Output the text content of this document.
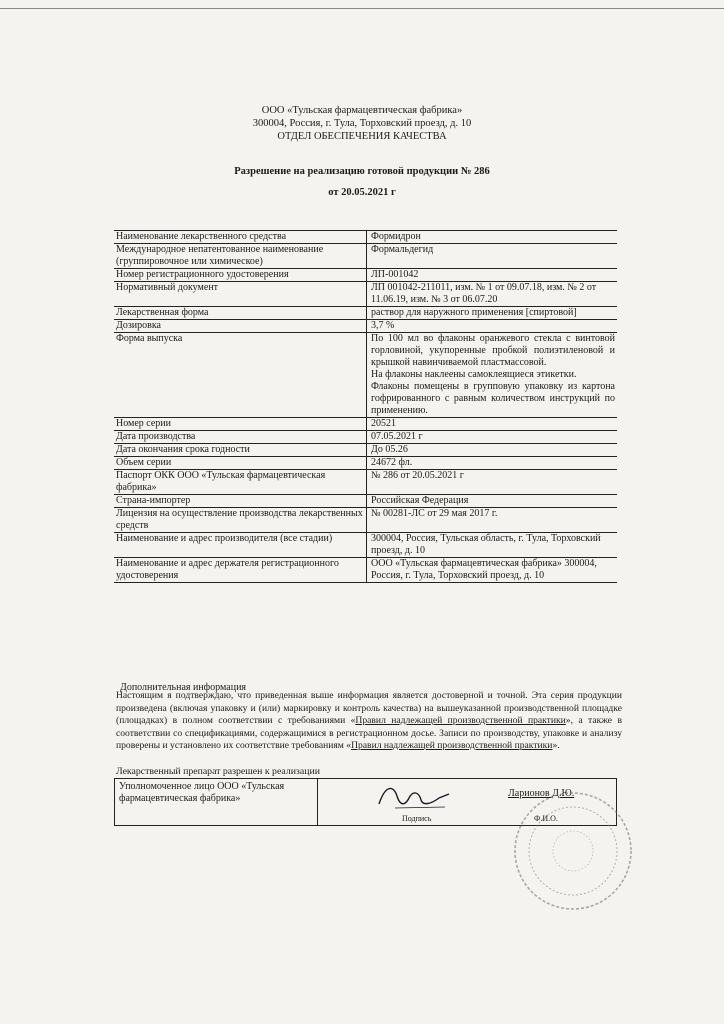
ООО «Тульская фармацевтическая фабрика»
300004, Россия, г. Тула, Торховский проезд, д. 10
ОТДЕЛ ОБЕСПЕЧЕНИЯ КАЧЕСТВА
Разрешение на реализацию готовой продукции № 286
от 20.05.2021 г
Наименование лекарственного средства	Формидрон
Международное непатентованное наименование (группировочное или химическое)	Формальдегид
Номер регистрационного удостоверения	ЛП-001042
Нормативный документ	ЛП 001042-211011, изм. № 1 от 09.07.18, изм. № 2 от 11.06.19, изм. № 3 от 06.07.20
Лекарственная форма	раствор для наружного применения [спиртовой]
Дозировка	3,7 %
Форма выпуска	По 100 мл во флаконы оранжевого стекла с винтовой горловиной, укупоренные пробкой полиэтиленовой и крышкой навинчиваемой пластмассовой.
На флаконы наклеены самоклеящиеся этикетки.
Флаконы помещены в групповую упаковку из картона гофрированного с равным количеством инструкций по применению.
Номер серии	20521
Дата производства	07.05.2021 г
Дата окончания срока годности	До 05.26
Объем серии	24672 фл.
Паспорт ОКК ООО «Тульская фармацевтическая фабрика»	№ 286 от 20.05.2021 г
Страна-импортер	Российская Федерация
Лицензия на осуществление производства лекарственных средств	№ 00281-ЛС от 29 мая 2017 г.
Наименование и адрес производителя (все стадии)	300004, Россия, Тульская область, г. Тула, Торховский проезд, д. 10
Наименование и адрес держателя регистрационного удостоверения	ООО «Тульская фармацевтическая фабрика» 300004, Россия, г. Тула, Торховский проезд, д. 10
Дополнительная информация
Настоящим я подтверждаю, что приведенная выше информация является достоверной и точной. Эта серия продукции произведена (включая упаковку и (или) маркировку и контроль качества) на вышеуказанной производственной площадке (площадках) в полном соответствии с требованиями «Правил надлежащей производственной практики», а также в соответствии со спецификациями, содержащимися в регистрационном досье. Записи по производству, упаковке и анализу проверены и установлено их соответствие требованиям «Правил надлежащей производственной практики».
Лекарственный препарат разрешен к реализации
Уполномоченное лицо ООО «Тульская фармацевтическая фабрика»	
Подпись
Ларионов Д.Ю.
Ф.И.О.
